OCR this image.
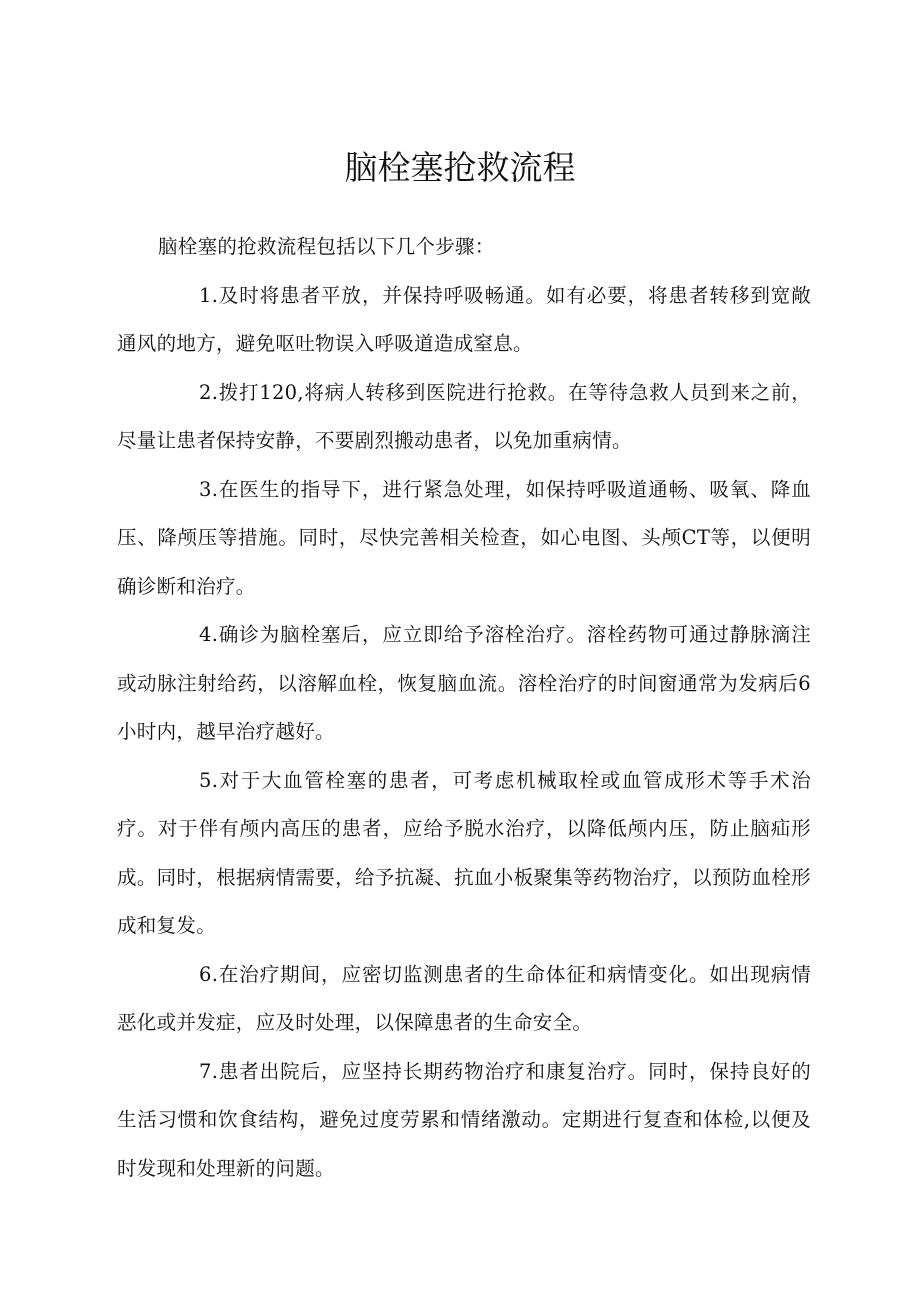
脑栓塞抢救流程

脑栓塞的抢救流程包括以下几个步骤：

1.及时将患者平放，并保持呼吸畅通。如有必要，将患者转移到宽敞通风的地方，避免呕吐物误入呼吸道造成窒息。

2.拨打120,将病人转移到医院进行抢救。在等待急救人员到来之前，尽量让患者保持安静，不要剧烈搬动患者，以免加重病情。

3.在医生的指导下，进行紧急处理，如保持呼吸道通畅、吸氧、降血压、降颅压等措施。同时，尽快完善相关检查，如心电图、头颅CT等，以便明确诊断和治疗。

4.确诊为脑栓塞后，应立即给予溶栓治疗。溶栓药物可通过静脉滴注或动脉注射给药，以溶解血栓，恢复脑血流。溶栓治疗的时间窗通常为发病后6小时内，越早治疗越好。

5.对于大血管栓塞的患者，可考虑机械取栓或血管成形术等手术治疗。对于伴有颅内高压的患者，应给予脱水治疗，以降低颅内压，防止脑疝形成。同时，根据病情需要，给予抗凝、抗血小板聚集等药物治疗，以预防血栓形成和复发。

6.在治疗期间，应密切监测患者的生命体征和病情变化。如出现病情恶化或并发症，应及时处理，以保障患者的生命安全。

7.患者出院后，应坚持长期药物治疗和康复治疗。同时，保持良好的生活习惯和饮食结构，避免过度劳累和情绪激动。定期进行复查和体检,以便及时发现和处理新的问题。
